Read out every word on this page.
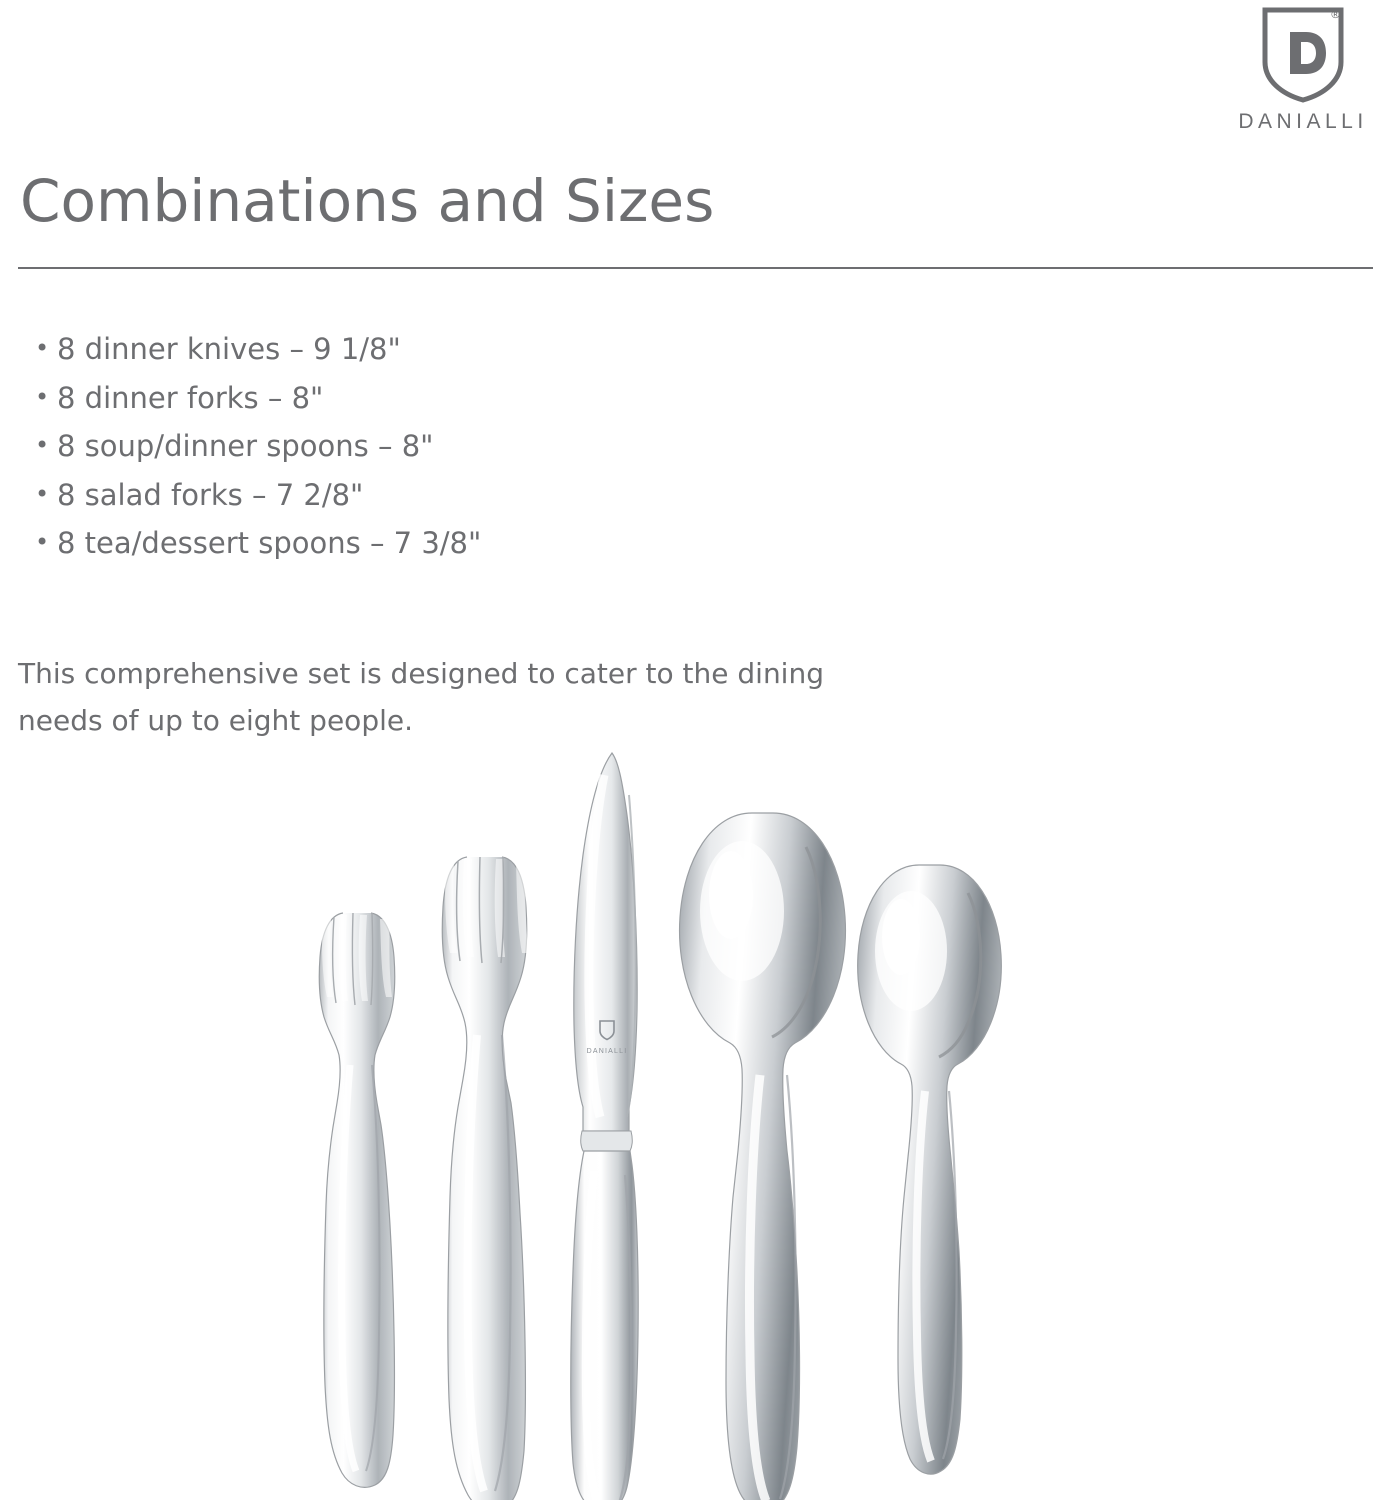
®
DANIALLI
Combinations and Sizes
• 8 dinner knives – 9 1/8"
• 8 dinner forks – 8"
• 8 soup/dinner spoons – 8"
• 8 salad forks – 7 2/8"
• 8 tea/dessert spoons – 7 3/8"

This comprehensive set is designed to cater to the dining needs of up to eight people.

DANIALLI
